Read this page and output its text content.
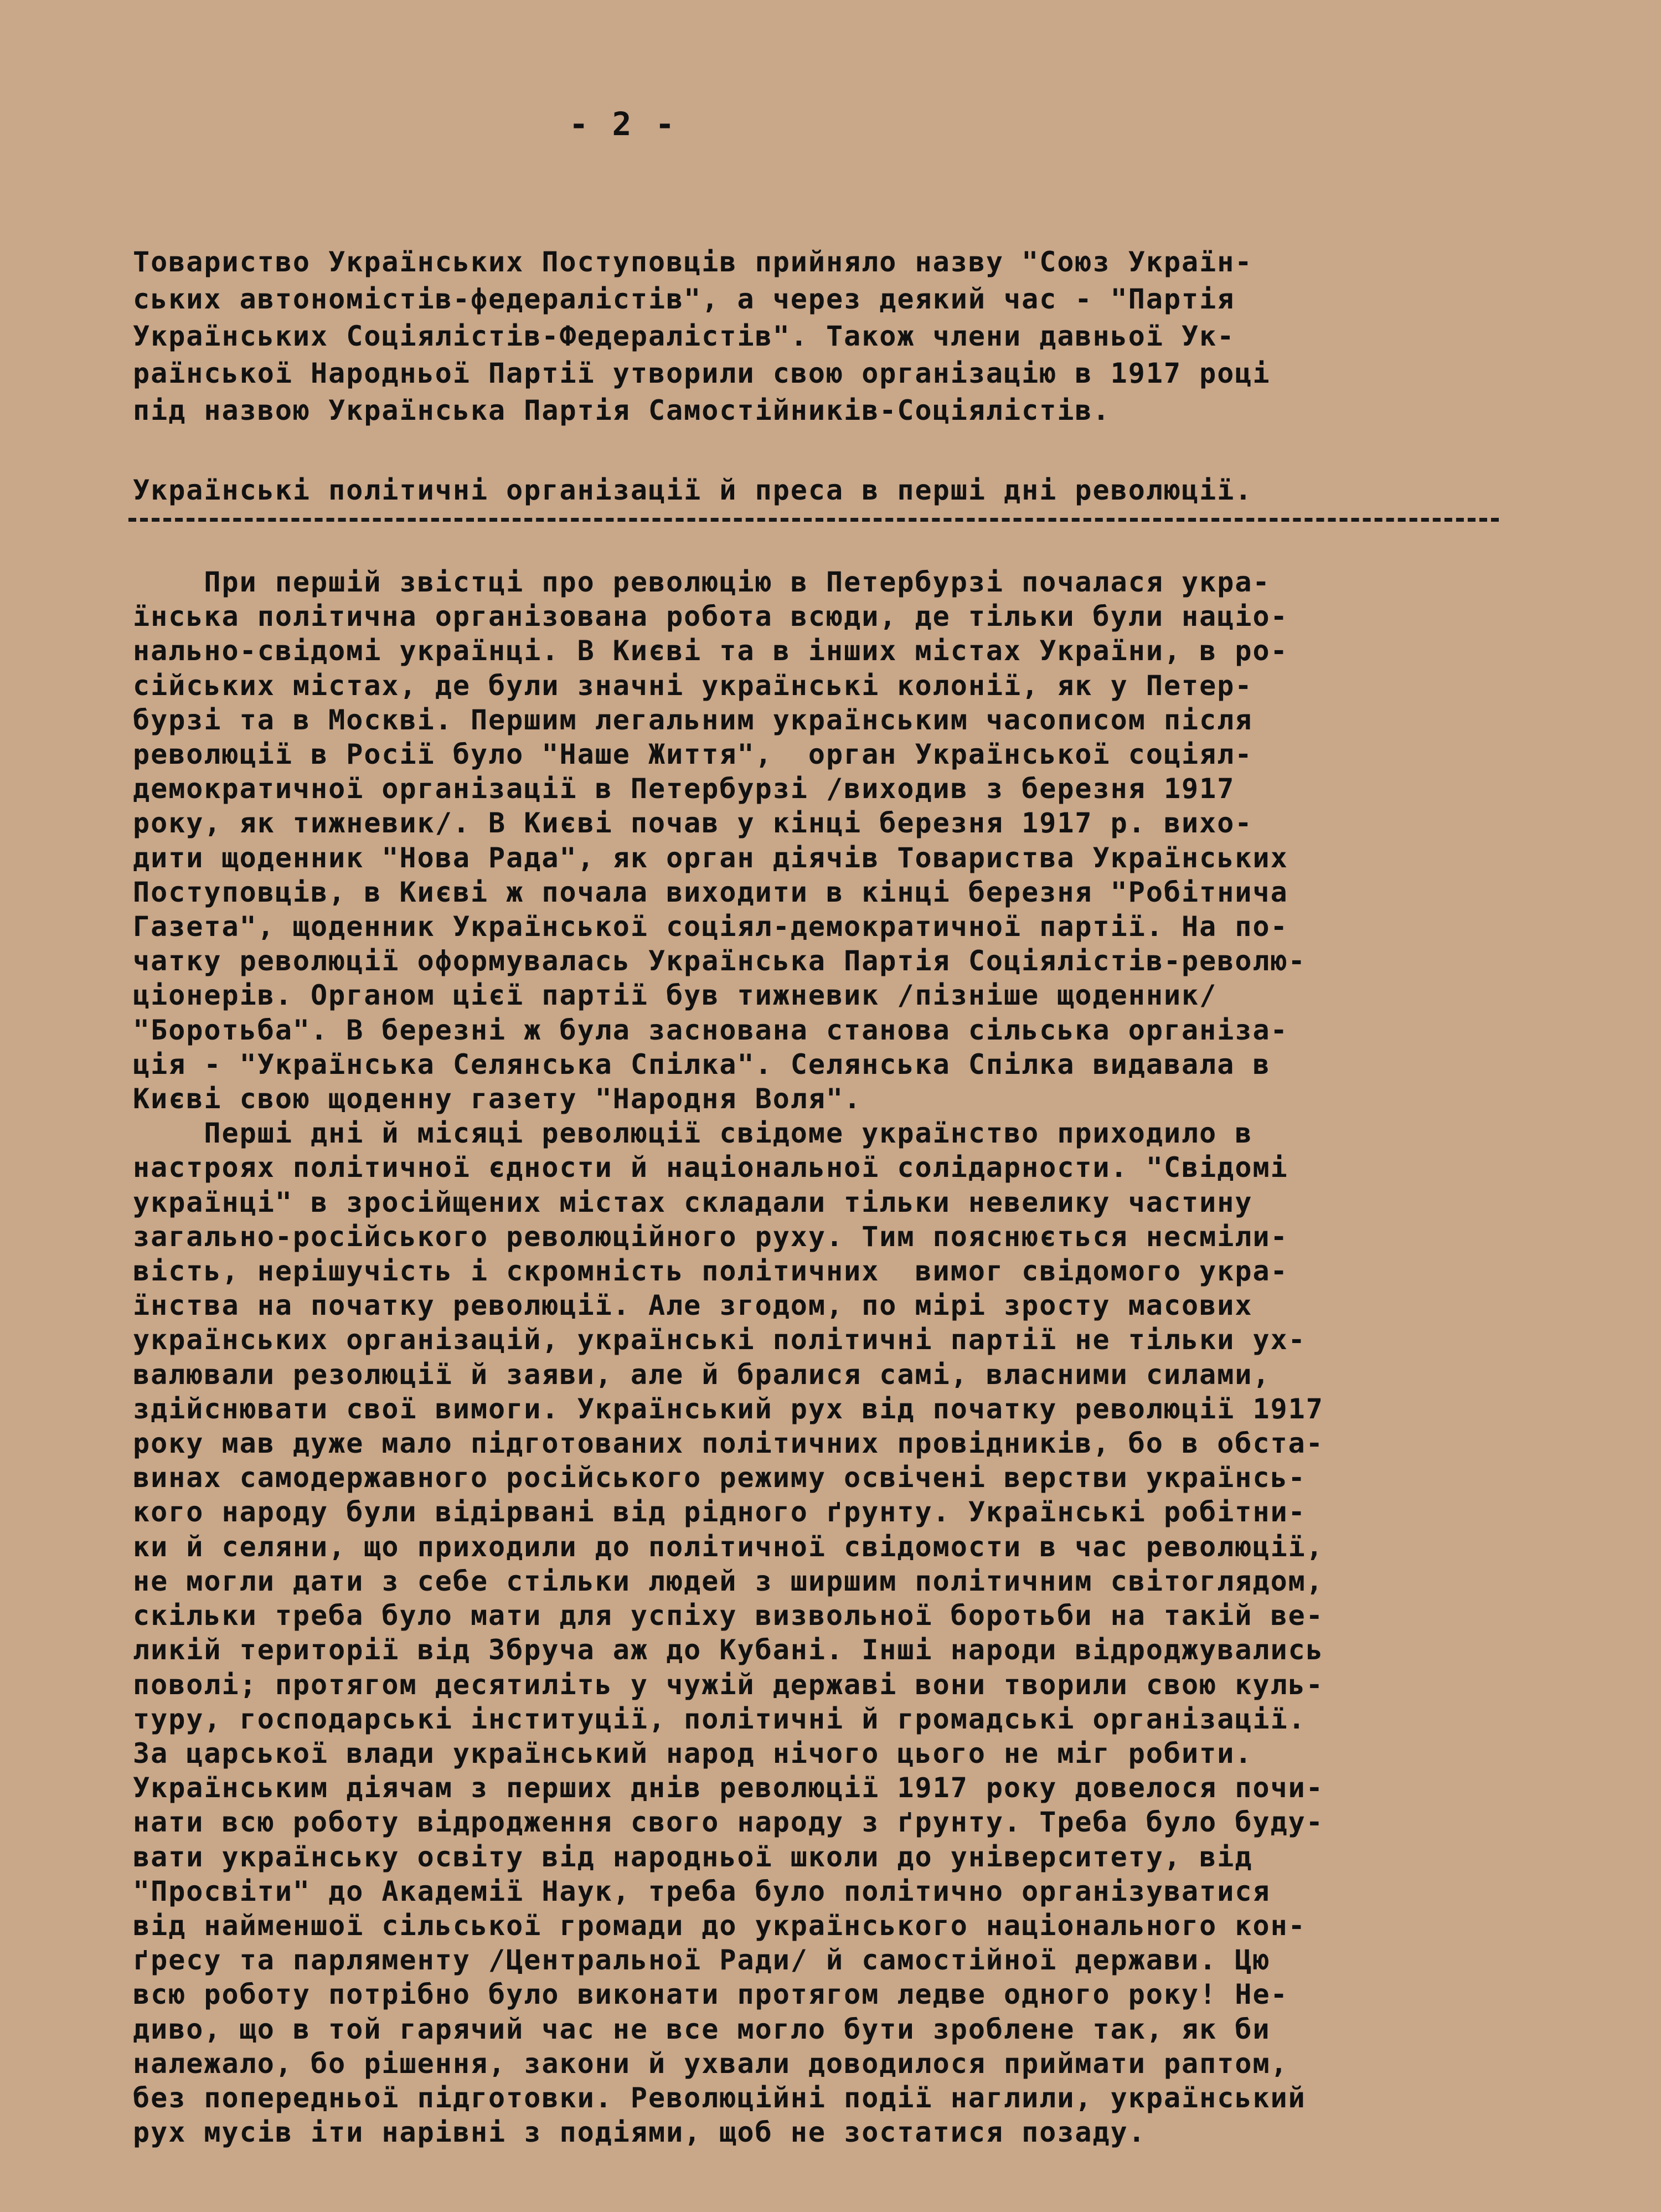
- 2 -

Товариство Українських Поступовців прийняло назву "Союз Україн-
ських автономістів-федералістів", а через деякий час - "Партія
Українських Соціялістів-Федералістів". Також члени давньої Ук-
раїнської Народньої Партії утворили свою організацію в 1917 році
під назвою Українська Партія Самостійників-Соціялістів.

Українські політичні організації й преса в перші дні революції.

При першій звістці про революцію в Петербурзі почалася укра-
їнська політична організована робота всюди, де тільки були націо-
нально-свідомі українці. В Києві та в інших містах України, в ро-
сійських містах, де були значні українські колонії, як у Петер-
бурзі та в Москві. Першим легальним українським часописом після
революції в Росії було "Наше Життя",  орган Української соціял-
демократичної організації в Петербурзі /виходив з березня 1917
року, як тижневик/. В Києві почав у кінці березня 1917 р. вихо-
дити щоденник "Нова Рада", як орган діячів Товариства Українських
Поступовців, в Києві ж почала виходити в кінці березня "Робітнича
Газета", щоденник Української соціял-демократичної партії. На по-
чатку революції оформувалась Українська Партія Соціялістів-револю-
ціонерів. Органом цієї партії був тижневик /пізніше щоденник/
"Боротьба". В березні ж була заснована станова сільська організа-
ція - "Українська Селянська Спілка". Селянська Спілка видавала в
Києві свою щоденну газету "Народня Воля".
Перші дні й місяці революції свідоме українство приходило в
настроях політичної єдности й національної солідарности. "Свідомі
українці" в зросійщених містах складали тільки невелику частину
загально-російського революційного руху. Тим пояснюється несміли-
вість, нерішучість і скромність політичних  вимог свідомого укра-
їнства на початку революції. Але згодом, по мірі зросту масових
українських організацій, українські політичні партії не тільки ух-
валювали резолюції й заяви, але й бралися самі, власними силами,
здійснювати свої вимоги. Український рух від початку революції 1917
року мав дуже мало підготованих політичних провідників, бо в обста-
винах самодержавного російського режиму освічені верстви українсь-
кого народу були відірвані від рідного ґрунту. Українські робітни-
ки й селяни, що приходили до політичної свідомости в час революції,
не могли дати з себе стільки людей з ширшим політичним світоглядом,
скільки треба було мати для успіху визвольної боротьби на такій ве-
ликій території від Збруча аж до Кубані. Інші народи відроджувались
поволі; протягом десятиліть у чужій державі вони творили свою куль-
туру, господарські інституції, політичні й громадські організації.
За царської влади український народ нічого цього не міг робити.
Українським діячам з перших днів революції 1917 року довелося почи-
нати всю роботу відродження свого народу з ґрунту. Треба було буду-
вати українську освіту від народньої школи до університету, від
"Просвіти" до Академії Наук, треба було політично організуватися
від найменшої сільської громади до українського національного кон-
ґресу та парляменту /Центральної Ради/ й самостійної держави. Цю
всю роботу потрібно було виконати протягом ледве одного року! Не-
диво, що в той гарячий час не все могло бути зроблене так, як би
належало, бо рішення, закони й ухвали доводилося приймати раптом,
без попередньої підготовки. Революційні події наглили, український
рух мусів іти нарівні з подіями, щоб не зостатися позаду.
